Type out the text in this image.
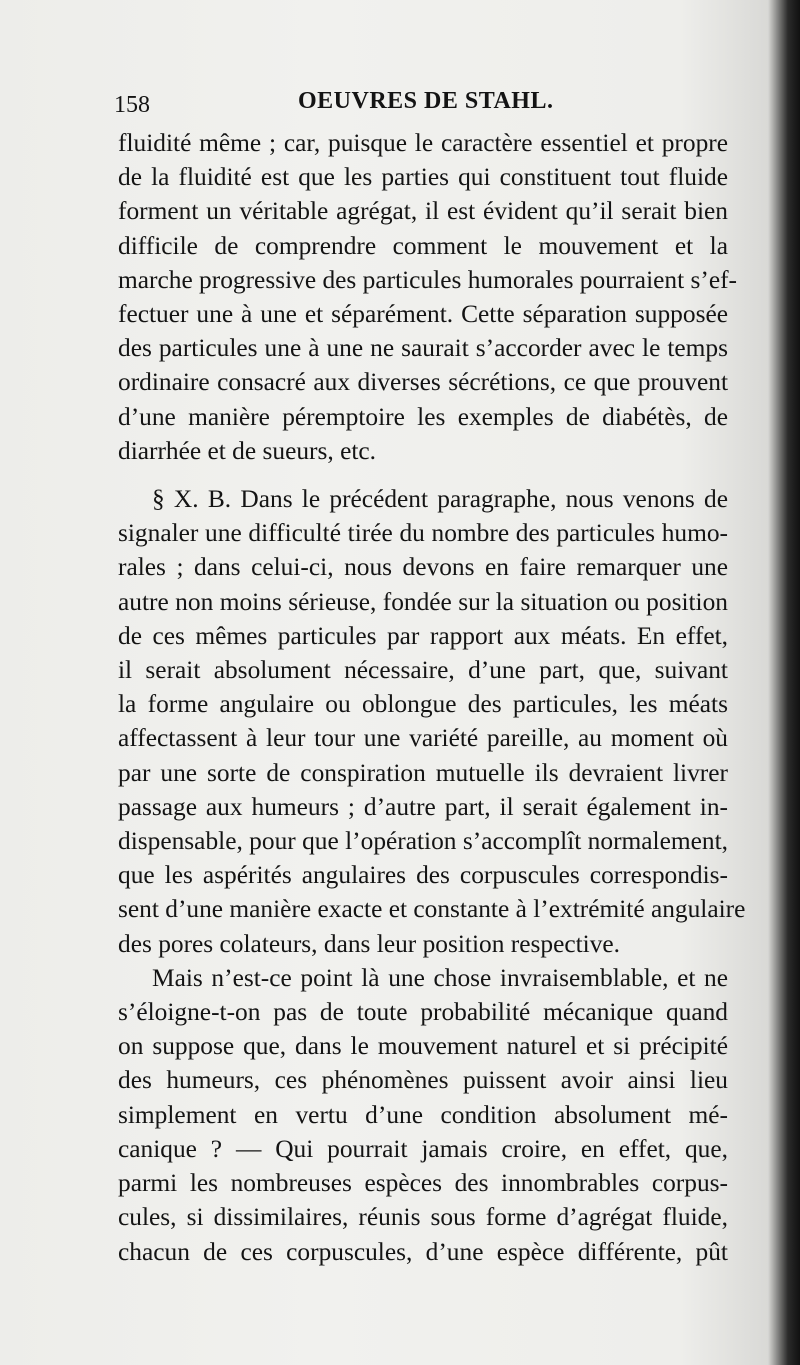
158	OEUVRES DE STAHL.

fluidité même ; car, puisque le caractère essentiel et propre
de la fluidité est que les parties qui constituent tout fluide
forment un véritable agrégat, il est évident qu’il serait bien
difficile de comprendre comment le mouvement et la
marche progressive des particules humorales pourraient s’ef-
fectuer une à une et séparément. Cette séparation supposée
des particules une à une ne saurait s’accorder avec le temps
ordinaire consacré aux diverses sécrétions, ce que prouvent
d’une manière péremptoire les exemples de diabétès, de
diarrhée et de sueurs, etc.

§ X. B. Dans le précédent paragraphe, nous venons de
signaler une difficulté tirée du nombre des particules humo-
rales ; dans celui-ci, nous devons en faire remarquer une
autre non moins sérieuse, fondée sur la situation ou position
de ces mêmes particules par rapport aux méats. En effet,
il serait absolument nécessaire, d’une part, que, suivant
la forme angulaire ou oblongue des particules, les méats
affectassent à leur tour une variété pareille, au moment où
par une sorte de conspiration mutuelle ils devraient livrer
passage aux humeurs ; d’autre part, il serait également in-
dispensable, pour que l’opération s’accomplît normalement,
que les aspérités angulaires des corpuscules correspondis-
sent d’une manière exacte et constante à l’extrémité angulaire
des pores colateurs, dans leur position respective.

Mais n’est-ce point là une chose invraisemblable, et ne
s’éloigne-t-on pas de toute probabilité mécanique quand
on suppose que, dans le mouvement naturel et si précipité
des humeurs, ces phénomènes puissent avoir ainsi lieu
simplement en vertu d’une condition absolument mé-
canique ? — Qui pourrait jamais croire, en effet, que,
parmi les nombreuses espèces des innombrables corpus-
cules, si dissimilaires, réunis sous forme d’agrégat fluide,
chacun de ces corpuscules, d’une espèce différente, pût
